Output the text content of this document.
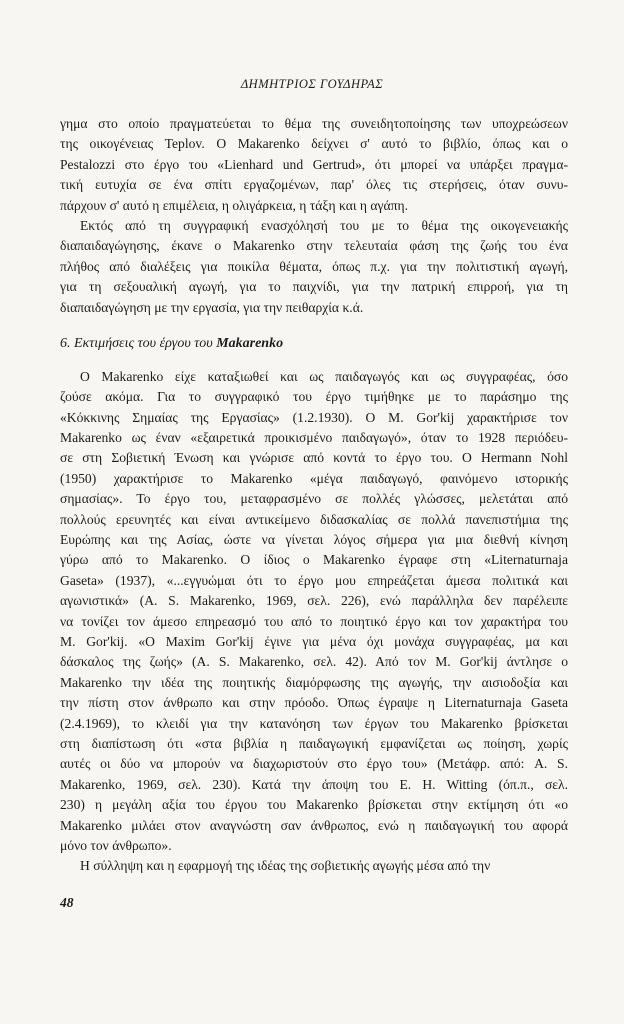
ΔΗΜΗΤΡΙΟΣ ΓΟΥΔΗΡΑΣ
γημα στο οποίο πραγματεύεται το θέμα της συνειδητοποίησης των υποχρεώσεων
της οικογένειας Teplov. Ο Makarenko δείχνει σ' αυτό το βιβλίο, όπως και ο
Pestalozzi στο έργο του «Lienhard und Gertrud», ότι μπορεί να υπάρξει πραγμα-
τική ευτυχία σε ένα σπίτι εργαζομένων, παρ' όλες τις στερήσεις, όταν συνυ-
πάρχουν σ' αυτό η επιμέλεια, η ολιγάρκεια, η τάξη και η αγάπη.
Εκτός από τη συγγραφική ενασχόλησή του με το θέμα της οικογενειακής
διαπαιδαγώγησης, έκανε ο Makarenko στην τελευταία φάση της ζωής του ένα
πλήθος από διαλέξεις για ποικίλα θέματα, όπως π.χ. για την πολιτιστική αγωγή,
για τη σεξουαλική αγωγή, για το παιχνίδι, για την πατρική επιρροή, για τη
διαπαιδαγώγηση με την εργασία, για την πειθαρχία κ.ά.
6. Εκτιμήσεις του έργου του Makarenko
Ο Makarenko είχε καταξιωθεί και ως παιδαγωγός και ως συγγραφέας, όσο
ζούσε ακόμα. Για το συγγραφικό του έργο τιμήθηκε με το παράσημο της
«Κόκκινης Σημαίας της Εργασίας» (1.2.1930). Ο Μ. Gor'kij χαρακτήρισε τον
Makarenko ως έναν «εξαιρετικά προικισμένο παιδαγωγό», όταν το 1928 περιόδευ-
σε στη Σοβιετική Ένωση και γνώρισε από κοντά το έργο του. Ο Hermann Nohl
(1950) χαρακτήρισε το Makarenko «μέγα παιδαγωγό, φαινόμενο ιστορικής
σημασίας». Το έργο του, μεταφρασμένο σε πολλές γλώσσες, μελετάται από
πολλούς ερευνητές και είναι αντικείμενο διδασκαλίας σε πολλά πανεπιστήμια της
Ευρώπης και της Ασίας, ώστε να γίνεται λόγος σήμερα για μια διεθνή κίνηση
γύρω από το Makarenko. Ο ίδιος ο Makarenko έγραφε στη «Liternaturnaja
Gaseta» (1937), «...εγγυώμαι ότι το έργο μου επηρεάζεται άμεσα πολιτικά και
αγωνιστικά» (A. S. Makarenko, 1969, σελ. 226), ενώ παράλληλα δεν παρέλειπε
να τονίζει τον άμεσο επηρεασμό του από το ποιητικό έργο και τον χαρακτήρα του
M. Gor'kij. «Ο Maxim Gor'kij έγινε για μένα όχι μονάχα συγγραφέας, μα και
δάσκαλος της ζωής» (A. S. Makarenko, σελ. 42). Από τον M. Gor'kij άντλησε ο
Makarenko την ιδέα της ποιητικής διαμόρφωσης της αγωγής, την αισιοδοξία και
την πίστη στον άνθρωπο και στην πρόοδο. Όπως έγραψε η Liternaturnaja Gaseta
(2.4.1969), το κλειδί για την κατανόηση των έργων του Makarenko βρίσκεται
στη διαπίστωση ότι «στα βιβλία η παιδαγωγική εμφανίζεται ως ποίηση, χωρίς
αυτές οι δύο να μπορούν να διαχωριστούν στο έργο του» (Μετάφρ. από: A. S.
Makarenko, 1969, σελ. 230). Κατά την άποψη του E. H. Witting (όπ.π., σελ.
230) η μεγάλη αξία του έργου του Makarenko βρίσκεται στην εκτίμηση ότι «ο
Makarenko μιλάει στον αναγνώστη σαν άνθρωπος, ενώ η παιδαγωγική του αφορά
μόνο τον άνθρωπο».
Η σύλληψη και η εφαρμογή της ιδέας της σοβιετικής αγωγής μέσα από την
48
